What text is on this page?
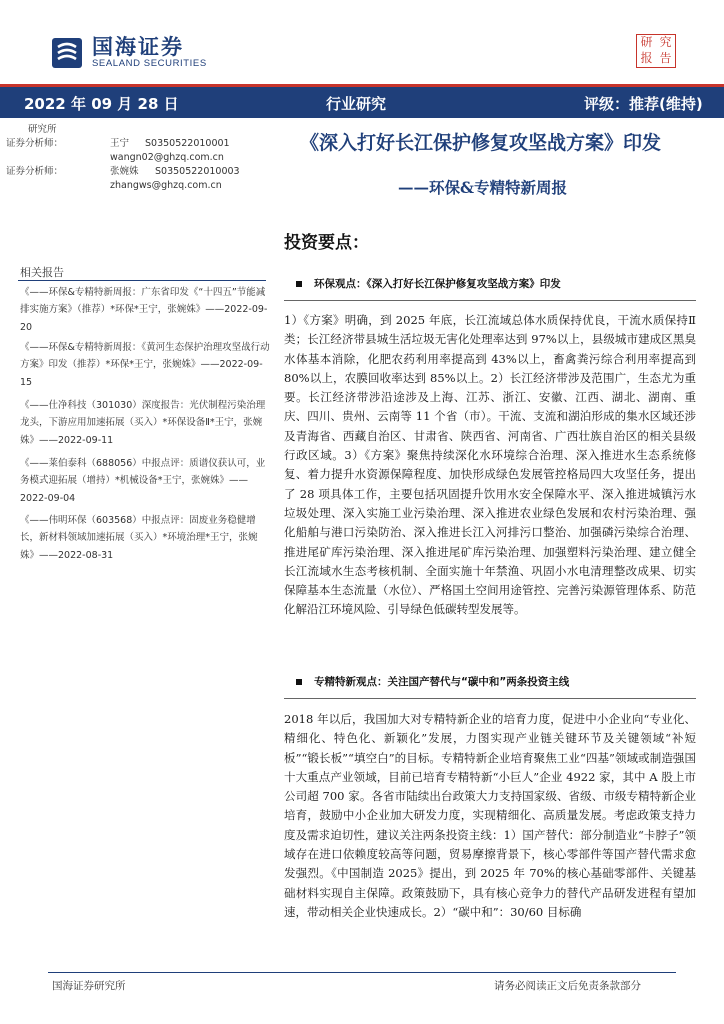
国海证券
SEALAND SECURITIES
研 究
报 告
2022 年 09 月 28 日	行业研究	评级：推荐(维持)
研究所
证券分析师：	王宁 S0350522010001
wangn02@ghzq.com.cn
证券分析师：	张婉姝 S0350522010003
zhangws@ghzq.com.cn
《深入打好长江保护修复攻坚战方案》印发
——环保&专精特新周报
投资要点：
相关报告
《——环保&专精特新周报：广东省印发《“十四五”节能减排实施方案》（推荐）*环保*王宁，张婉姝》——2022-09-20
《——环保&专精特新周报：《黄河生态保护治理攻坚战行动方案》印发（推荐）*环保*王宁，张婉姝》——2022-09-15
《——仕净科技（301030）深度报告：光伏制程污染治理龙头，下游应用加速拓展（买入）*环保设备Ⅱ*王宁，张婉姝》——2022-09-11
《——莱伯泰科（688056）中报点评：质谱仪获认可，业务模式迎拓展（增持）*机械设备*王宁，张婉姝》——2022-09-04
《——伟明环保（603568）中报点评：固废业务稳健增长，新材料领域加速拓展（买入）*环境治理*王宁，张婉姝》——2022-08-31
环保观点：《深入打好长江保护修复攻坚战方案》印发
1）《方案》明确，到 2025 年底，长江流域总体水质保持优良，干流水质保持Ⅱ类；长江经济带县城生活垃圾无害化处理率达到 97%以上，县级城市建成区黑臭水体基本消除，化肥农药利用率提高到 43%以上，畜禽粪污综合利用率提高到 80%以上，农膜回收率达到 85%以上。2）长江经济带涉及范围广，生态尤为重要。长江经济带涉沿途涉及上海、江苏、浙江、安徽、江西、湖北、湖南、重庆、四川、贵州、云南等 11 个省（市）。干流、支流和湖泊形成的集水区域还涉及青海省、西藏自治区、甘肃省、陕西省、河南省、广西壮族自治区的相关县级行政区域。3）《方案》聚焦持续深化水环境综合治理、深入推进水生态系统修复、着力提升水资源保障程度、加快形成绿色发展管控格局四大攻坚任务，提出了 28 项具体工作，主要包括巩固提升饮用水安全保障水平、深入推进城镇污水垃圾处理、深入实施工业污染治理、深入推进农业绿色发展和农村污染治理、强化船舶与港口污染防治、深入推进长江入河排污口整治、加强磷污染综合治理、推进尾矿库污染治理、深入推进尾矿库污染治理、加强塑料污染治理、建立健全长江流域水生态考核机制、全面实施十年禁渔、巩固小水电清理整改成果、切实保障基本生态流量（水位）、严格国土空间用途管控、完善污染源管理体系、防范化解沿江环境风险、引导绿色低碳转型发展等。
专精特新观点：关注国产替代与“碳中和”两条投资主线
2018 年以后，我国加大对专精特新企业的培育力度，促进中小企业向“专业化、精细化、特色化、新颖化”发展，力图实现产业链关键环节及关键领域“补短板”“锻长板”“填空白”的目标。专精特新企业培育聚焦工业“四基”领域或制造强国十大重点产业领域，目前已培育专精特新“小巨人”企业 4922 家，其中 A 股上市公司超 700 家。各省市陆续出台政策大力支持国家级、省级、市级专精特新企业培育，鼓励中小企业加大研发力度，实现精细化、高质量发展。考虑政策支持力度及需求迫切性，建议关注两条投资主线：1）国产替代：部分制造业“卡脖子”领域存在进口依赖度较高等问题，贸易摩擦背景下，核心零部件等国产替代需求愈发强烈。《中国制造 2025》提出，到 2025 年 70%的核心基础零部件、关键基础材料实现自主保障。政策鼓励下，具有核心竞争力的替代产品研发进程有望加速，带动相关企业快速成长。2）“碳中和”：30/60 目标确
国海证券研究所	请务必阅读正文后免责条款部分
